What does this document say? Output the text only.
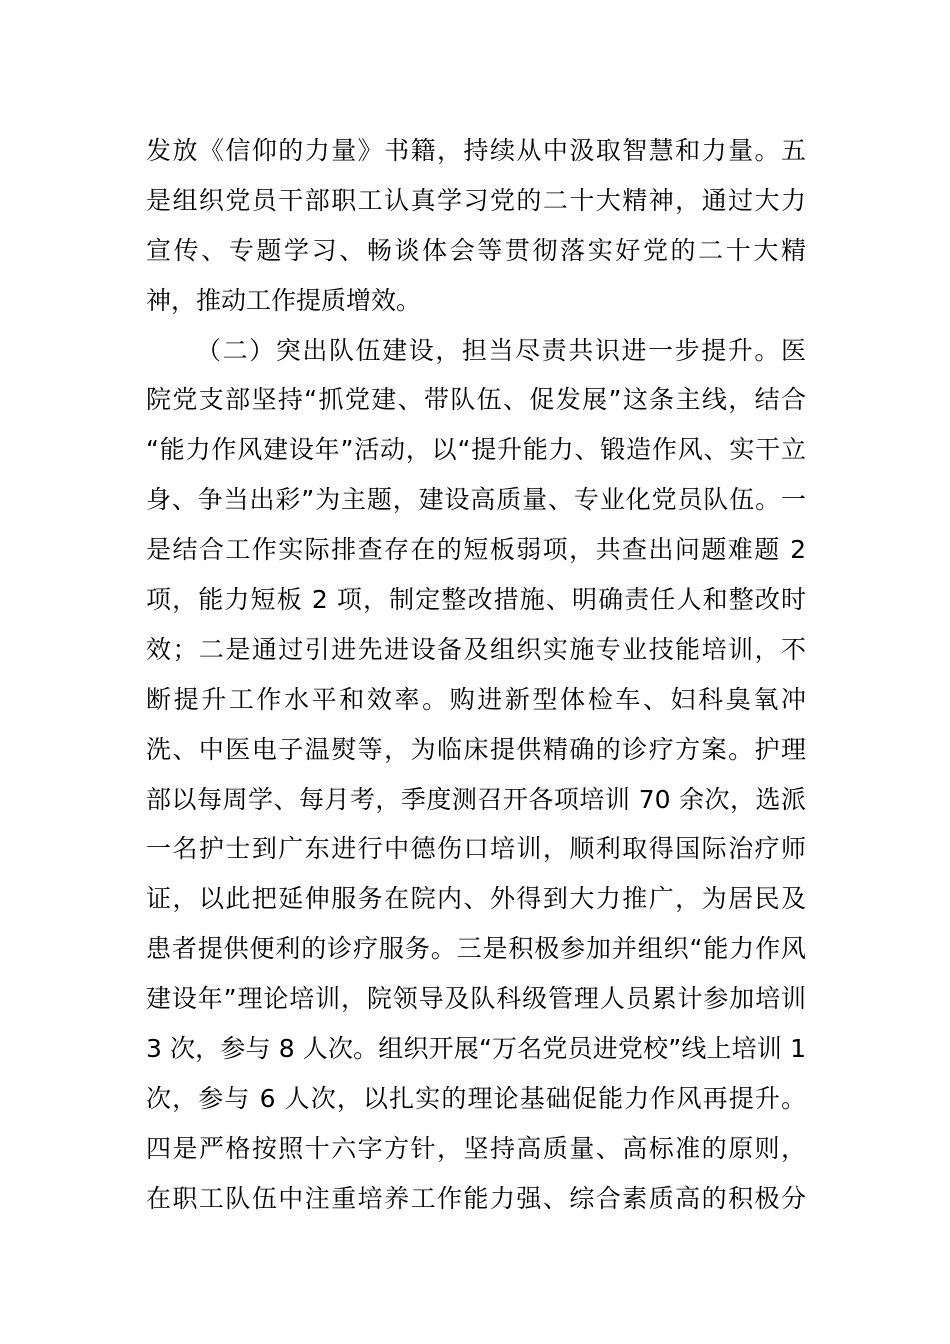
发放《信仰的力量》书籍，持续从中汲取智慧和力量。五
是组织党员干部职工认真学习党的二十大精神，通过大力
宣传、专题学习、畅谈体会等贯彻落实好党的二十大精
神，推动工作提质增效。
（二）突出队伍建设，担当尽责共识进一步提升。医
院党支部坚持“抓党建、带队伍、促发展”这条主线，结合
“能力作风建设年”活动，以“提升能力、锻造作风、实干立
身、争当出彩”为主题，建设高质量、专业化党员队伍。一
是结合工作实际排查存在的短板弱项，共查出问题难题 2
项，能力短板 2 项，制定整改措施、明确责任人和整改时
效；二是通过引进先进设备及组织实施专业技能培训，不
断提升工作水平和效率。购进新型体检车、妇科臭氧冲
洗、中医电子温熨等，为临床提供精确的诊疗方案。护理
部以每周学、每月考，季度测召开各项培训 70 余次，选派
一名护士到广东进行中德伤口培训，顺利取得国际治疗师
证，以此把延伸服务在院内、外得到大力推广，为居民及
患者提供便利的诊疗服务。三是积极参加并组织“能力作风
建设年”理论培训，院领导及队科级管理人员累计参加培训
3 次，参与 8 人次。组织开展“万名党员进党校”线上培训 1
次，参与 6 人次，以扎实的理论基础促能力作风再提升。
四是严格按照十六字方针，坚持高质量、高标准的原则，
在职工队伍中注重培养工作能力强、综合素质高的积极分
